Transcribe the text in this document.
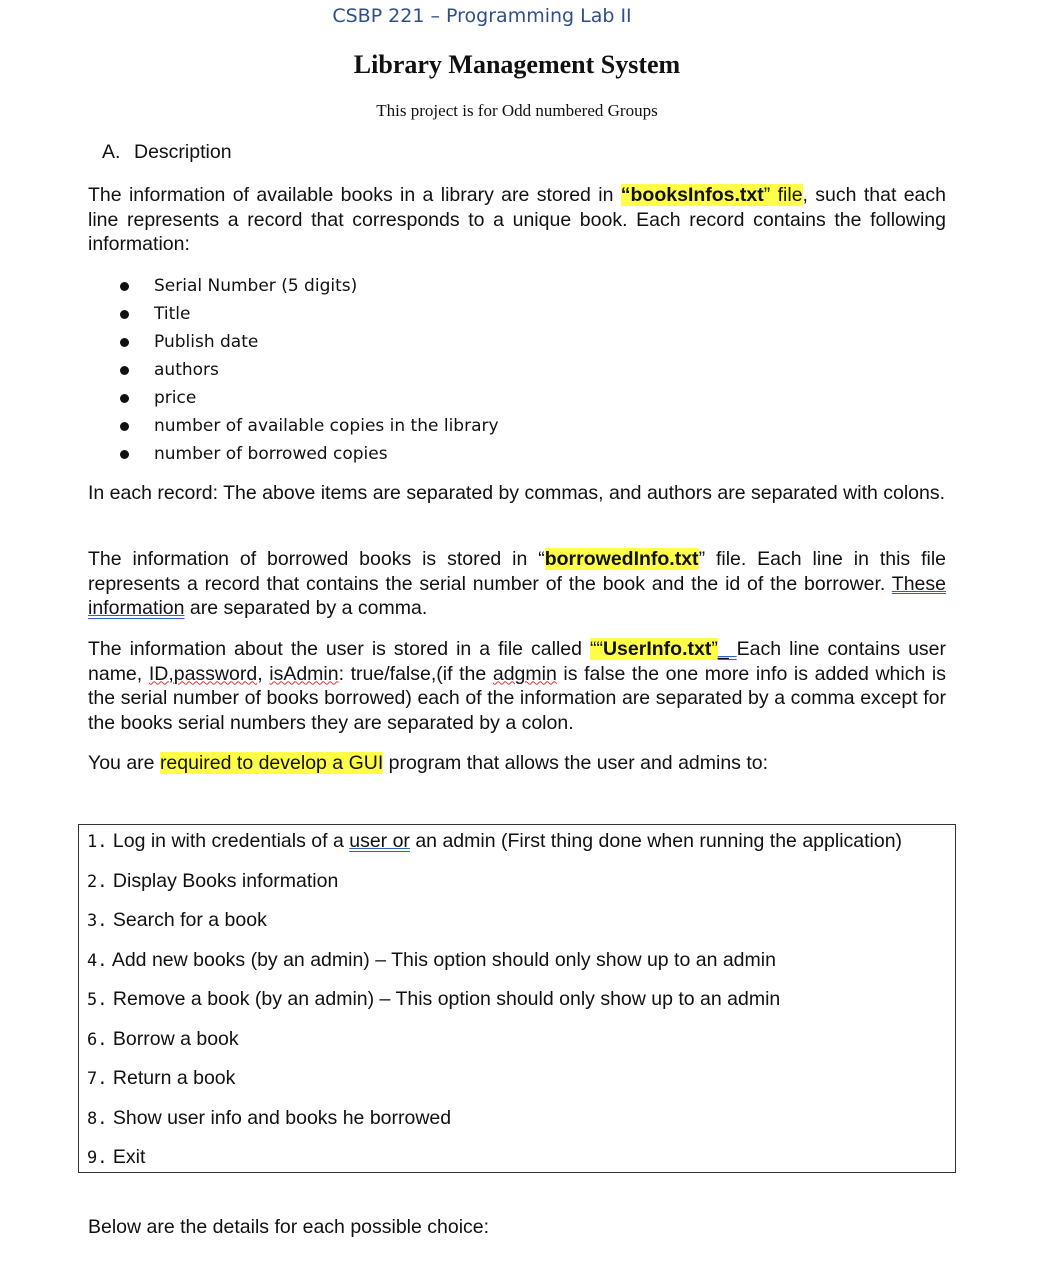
CSBP 221 – Programming Lab II
Library Management System
This project is for Odd numbered Groups
A. Description
The information of available books in a library are stored in “booksInfos.txt” file, such that each line represents a record that corresponds to a unique book. Each record contains the following information:
Serial Number (5 digits)
Title
Publish date
authors
price
number of available copies in the library
number of borrowed copies
In each record: The above items are separated by commas, and authors are separated with colons.
The information of borrowed books is stored in “borrowedInfo.txt” file. Each line in this file represents a record that contains the serial number of the book and the id of the borrower. These information are separated by a comma.
The information about the user is stored in a file called ““UserInfo.txt”_ Each line contains user name, ID,password, isAdmin: true/false,(if the adgmin is false the one more info is added which is the serial number of books borrowed) each of the information are separated by a comma except for the books serial numbers they are separated by a colon.
You are required to develop a GUI program that allows the user and admins to:
1. Log in with credentials of a user or an admin (First thing done when running the application)
2. Display Books information
3. Search for a book
4. Add new books (by an admin) – This option should only show up to an admin
5. Remove a book (by an admin) – This option should only show up to an admin
6. Borrow a book
7. Return a book
8. Show user info and books he borrowed
9. Exit
Below are the details for each possible choice:
